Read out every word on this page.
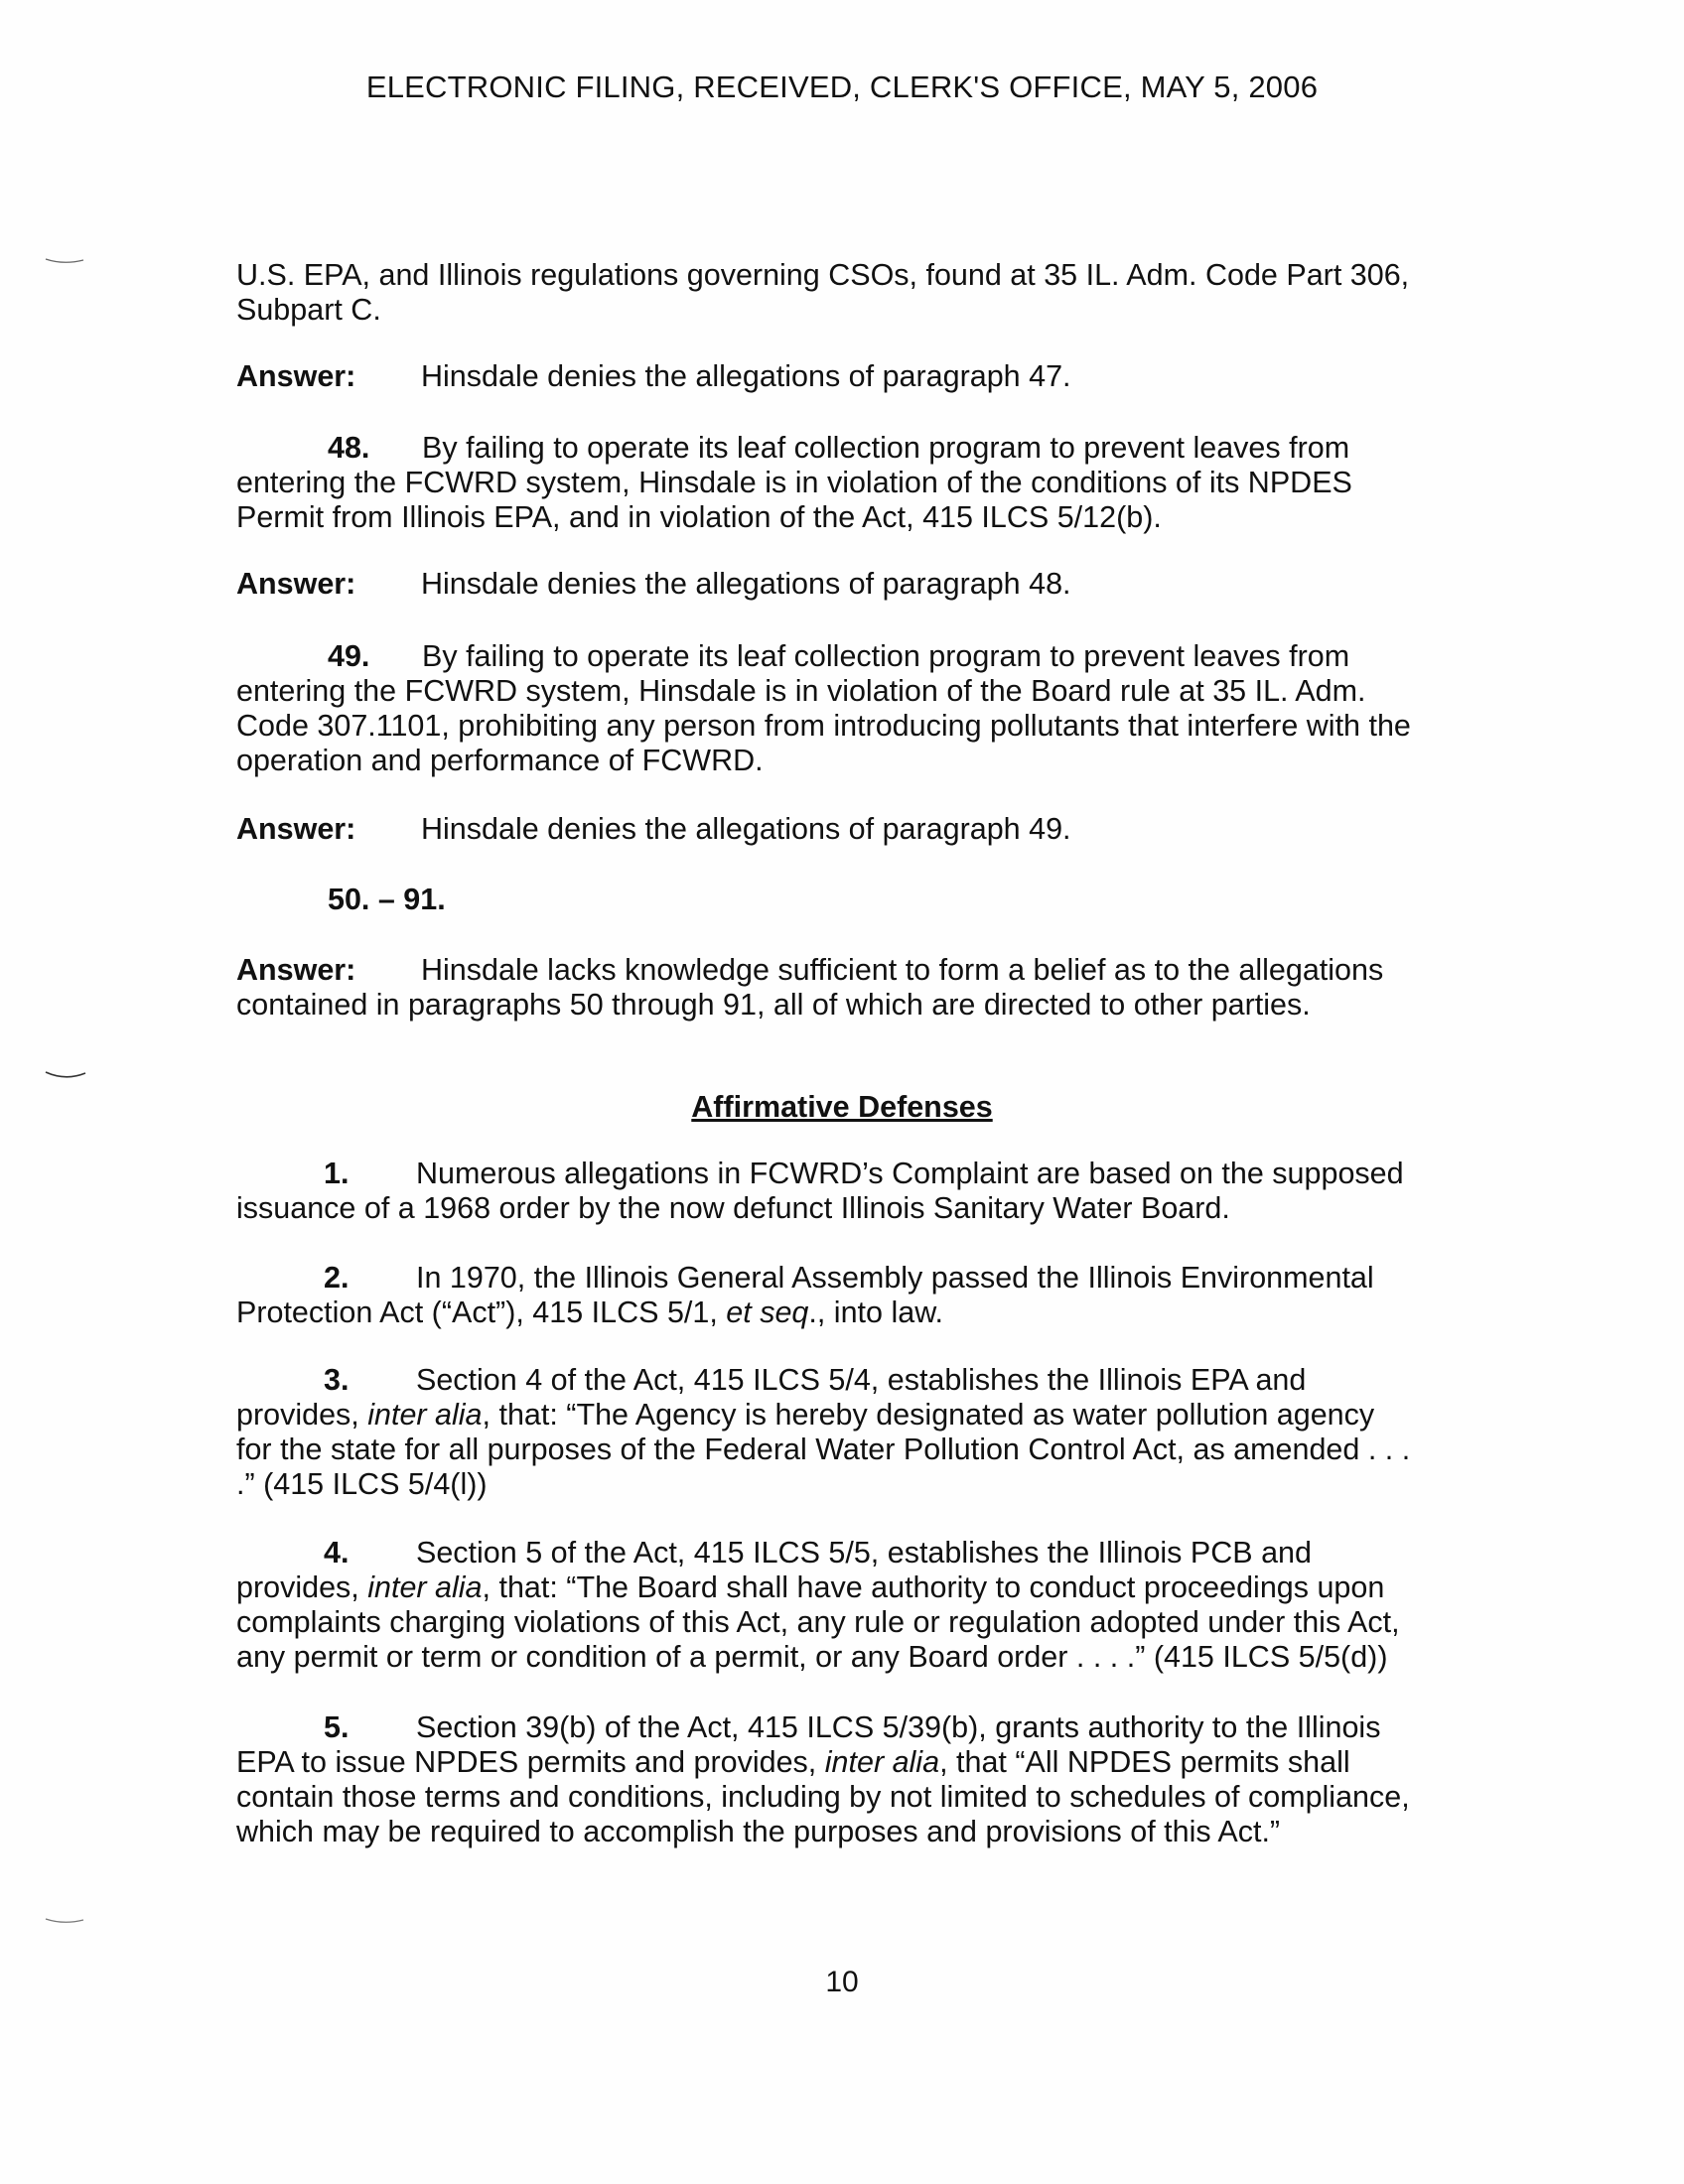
ELECTRONIC FILING, RECEIVED, CLERK'S OFFICE, MAY 5, 2006
U.S. EPA, and Illinois regulations governing CSOs, found at 35 IL. Adm. Code Part 306,
Subpart C.
Answer: Hinsdale denies the allegations of paragraph 47.
48. By failing to operate its leaf collection program to prevent leaves from
entering the FCWRD system, Hinsdale is in violation of the conditions of its NPDES
Permit from Illinois EPA, and in violation of the Act, 415 ILCS 5/12(b).
Answer: Hinsdale denies the allegations of paragraph 48.
49. By failing to operate its leaf collection program to prevent leaves from
entering the FCWRD system, Hinsdale is in violation of the Board rule at 35 IL. Adm.
Code 307.1101, prohibiting any person from introducing pollutants that interfere with the
operation and performance of FCWRD.
Answer: Hinsdale denies the allegations of paragraph 49.
50. – 91.
Answer: Hinsdale lacks knowledge sufficient to form a belief as to the allegations
contained in paragraphs 50 through 91, all of which are directed to other parties.
Affirmative Defenses
1. Numerous allegations in FCWRD’s Complaint are based on the supposed
issuance of a 1968 order by the now defunct Illinois Sanitary Water Board.
2. In 1970, the Illinois General Assembly passed the Illinois Environmental
Protection Act (“Act”), 415 ILCS 5/1, et seq., into law.
3. Section 4 of the Act, 415 ILCS 5/4, establishes the Illinois EPA and
provides, inter alia, that: “The Agency is hereby designated as water pollution agency
for the state for all purposes of the Federal Water Pollution Control Act, as amended . . .
.” (415 ILCS 5/4(l))
4. Section 5 of the Act, 415 ILCS 5/5, establishes the Illinois PCB and
provides, inter alia, that: “The Board shall have authority to conduct proceedings upon
complaints charging violations of this Act, any rule or regulation adopted under this Act,
any permit or term or condition of a permit, or any Board order . . . .” (415 ILCS 5/5(d))
5. Section 39(b) of the Act, 415 ILCS 5/39(b), grants authority to the Illinois
EPA to issue NPDES permits and provides, inter alia, that “All NPDES permits shall
contain those terms and conditions, including by not limited to schedules of compliance,
which may be required to accomplish the purposes and provisions of this Act.”
10
